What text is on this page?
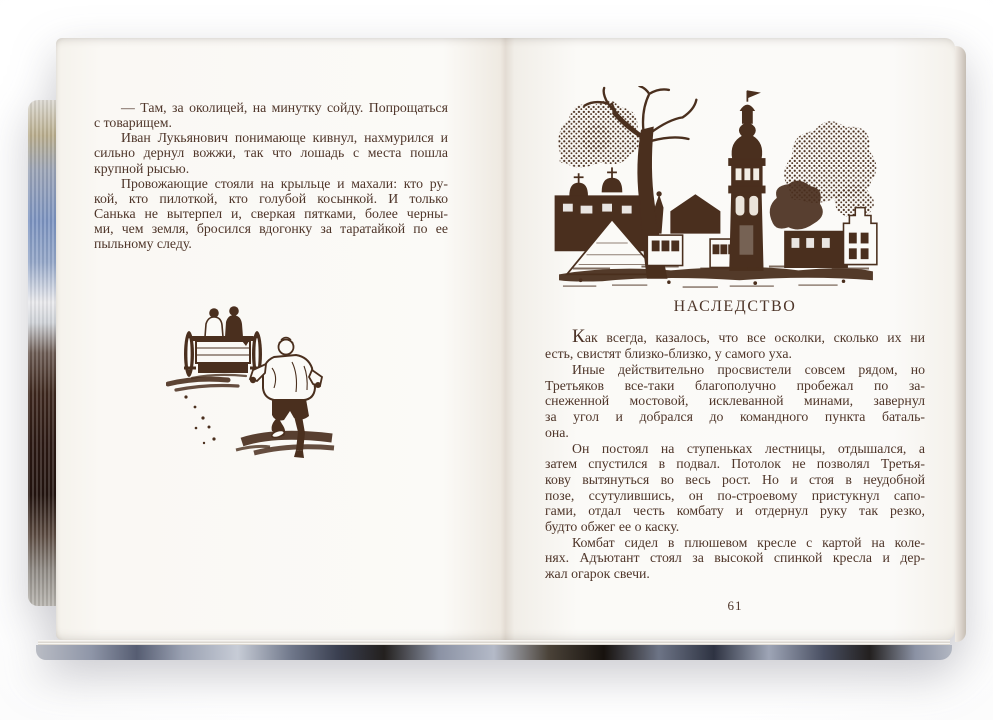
— Там, за околицей, на минутку сойду. Попрощаться
с товарищем.
Иван Лукьянович понимающе кивнул, нахмурился и
сильно дернул вожжи, так что лошадь с места пошла
крупной рысью.
Провожающие стояли на крыльце и махали: кто ру-
кой, кто пилоткой, кто голубой косынкой. И только
Санька не вытерпел и, сверкая пятками, более черны-
ми, чем земля, бросился вдогонку за таратайкой по ее
пыльному следу.
НАСЛЕДСТВО
Как всегда, казалось, что все осколки, сколько их ни
есть, свистят близко-близко, у самого уха.
Иные действительно просвистели совсем рядом, но
Третьяков все-таки благополучно пробежал по за-
снеженной мостовой, исклеванной минами, завернул
за угол и добрался до командного пункта баталь-
она.
Он постоял на ступеньках лестницы, отдышался, а
затем спустился в подвал. Потолок не позволял Третья-
кову вытянуться во весь рост. Но и стоя в неудобной
позе, ссутулившись, он по-строевому пристукнул сапо-
гами, отдал честь комбату и отдернул руку так резко,
будто обжег ее о каску.
Комбат сидел в плюшевом кресле с картой на коле-
нях. Адъютант стоял за высокой спинкой кресла и дер-
жал огарок свечи.
61
